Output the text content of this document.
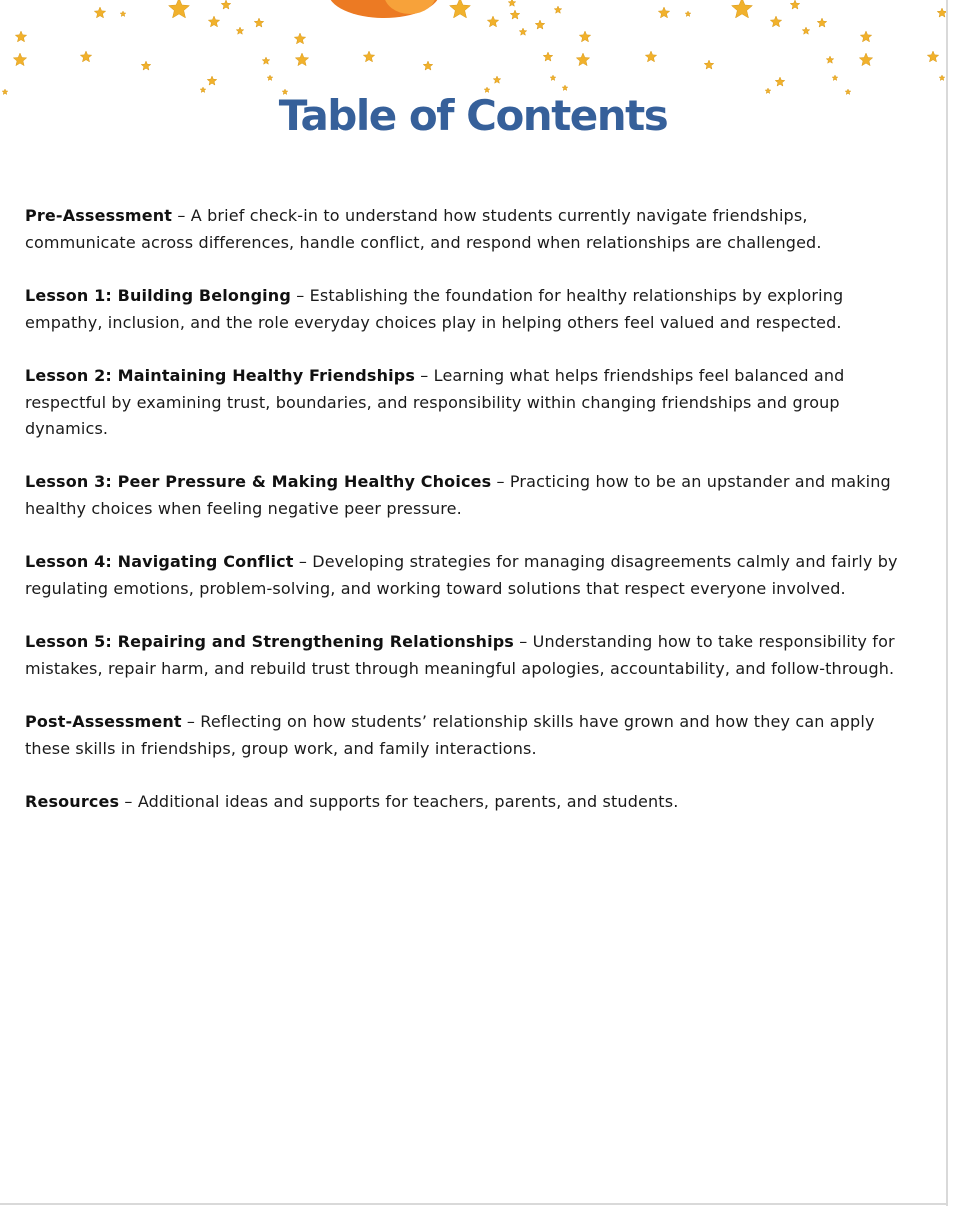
Table of Contents
Pre-Assessment – A brief check-in to understand how students currently navigate friendships, communicate across differences, handle conflict, and respond when relationships are challenged.
Lesson 1: Building Belonging – Establishing the foundation for healthy relationships by exploring empathy, inclusion, and the role everyday choices play in helping others feel valued and respected.
Lesson 2: Maintaining Healthy Friendships – Learning what helps friendships feel balanced and respectful by examining trust, boundaries, and responsibility within changing friendships and group dynamics.
Lesson 3: Peer Pressure & Making Healthy Choices – Practicing how to be an upstander and making healthy choices when feeling negative peer pressure.
Lesson 4: Navigating Conflict – Developing strategies for managing disagreements calmly and fairly by regulating emotions, problem-solving, and working toward solutions that respect everyone involved.
Lesson 5: Repairing and Strengthening Relationships – Understanding how to take responsibility for mistakes, repair harm, and rebuild trust through meaningful apologies, accountability, and follow-through.
Post-Assessment – Reflecting on how students’ relationship skills have grown and how they can apply these skills in friendships, group work, and family interactions.
Resources – Additional ideas and supports for teachers, parents, and students.
